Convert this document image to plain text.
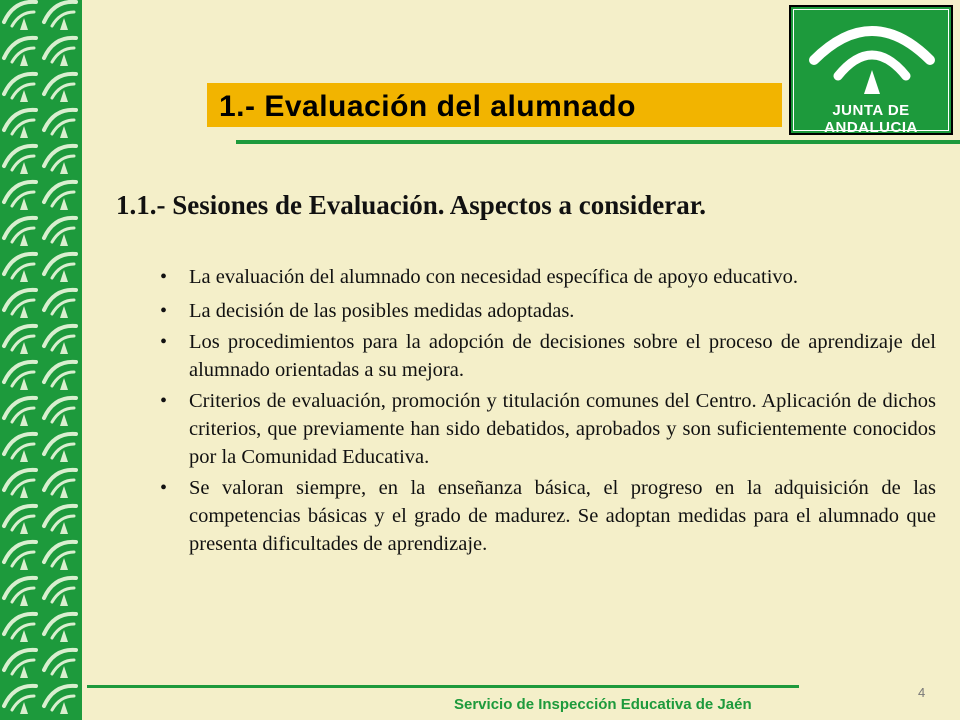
1.- Evaluación del alumnado	JUNTA DE ANDALUCIA
1.1.- Sesiones de Evaluación. Aspectos a considerar.
• La evaluación del alumnado con necesidad específica de apoyo educativo.
• La decisión de las posibles medidas adoptadas.
• Los procedimientos para la adopción de decisiones sobre el proceso de aprendizaje del alumnado orientadas a su mejora.
• Criterios de evaluación, promoción y titulación comunes del Centro. Aplicación de dichos criterios, que previamente han sido debatidos, aprobados y son suficientemente conocidos por la Comunidad Educativa.
• Se valoran siempre, en la enseñanza básica, el progreso en la adquisición de las competencias básicas y el grado de madurez. Se adoptan medidas para el alumnado que presenta dificultades de aprendizaje.
Servicio de Inspección Educativa de Jaén
4
